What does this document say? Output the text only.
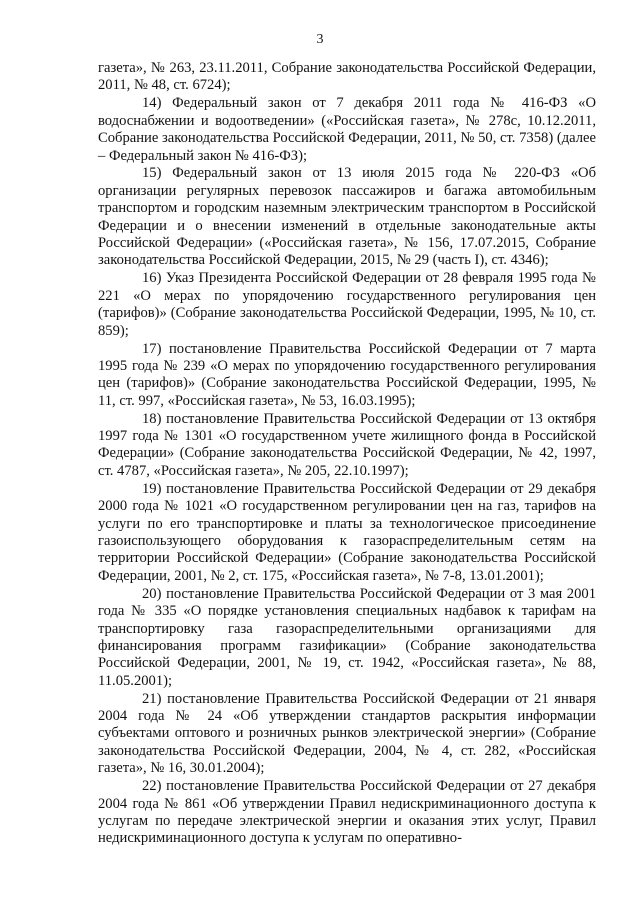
3

газета», № 263, 23.11.2011, Собрание законодательства Российской Федерации, 2011, № 48, ст. 6724);

14) Федеральный закон от 7 декабря 2011 года № 416-ФЗ «О водоснабжении и водоотведении» («Российская газета», № 278с, 10.12.2011, Собрание законодательства Российской Федерации, 2011, № 50, ст. 7358) (далее – Федеральный закон № 416-ФЗ);

15) Федеральный закон от 13 июля 2015 года № 220-ФЗ «Об организации регулярных перевозок пассажиров и багажа автомобильным транспортом и городским наземным электрическим транспортом в Российской Федерации и о внесении изменений в отдельные законодательные акты Российской Федерации» («Российская газета», № 156, 17.07.2015, Собрание законодательства Российской Федерации, 2015, № 29 (часть I), ст. 4346);

16) Указ Президента Российской Федерации от 28 февраля 1995 года № 221 «О мерах по упорядочению государственного регулирования цен (тарифов)» (Собрание законодательства Российской Федерации, 1995, № 10, ст. 859);

17) постановление Правительства Российской Федерации от 7 марта 1995 года № 239 «О мерах по упорядочению государственного регулирования цен (тарифов)» (Собрание законодательства Российской Федерации, 1995, № 11, ст. 997, «Российская газета», № 53, 16.03.1995);

18) постановление Правительства Российской Федерации от 13 октября 1997 года № 1301 «О государственном учете жилищного фонда в Российской Федерации» (Собрание законодательства Российской Федерации, № 42, 1997, ст. 4787, «Российская газета», № 205, 22.10.1997);

19) постановление Правительства Российской Федерации от 29 декабря 2000 года № 1021 «О государственном регулировании цен на газ, тарифов на услуги по его транспортировке и платы за технологическое присоединение газоиспользующего оборудования к газораспределительным сетям на территории Российской Федерации» (Собрание законодательства Российской Федерации, 2001, № 2, ст. 175, «Российская газета», № 7-8, 13.01.2001);

20) постановление Правительства Российской Федерации от 3 мая 2001 года № 335 «О порядке установления специальных надбавок к тарифам на транспортировку газа газораспределительными организациями для финансирования программ газификации» (Собрание законодательства Российской Федерации, 2001, № 19, ст. 1942, «Российская газета», № 88, 11.05.2001);

21) постановление Правительства Российской Федерации от 21 января 2004 года № 24 «Об утверждении стандартов раскрытия информации субъектами оптового и розничных рынков электрической энергии» (Собрание законодательства Российской Федерации, 2004, № 4, ст. 282, «Российская газета», № 16, 30.01.2004);

22) постановление Правительства Российской Федерации от 27 декабря 2004 года № 861 «Об утверждении Правил недискриминационного доступа к услугам по передаче электрической энергии и оказания этих услуг, Правил недискриминационного доступа к услугам по оперативно-
